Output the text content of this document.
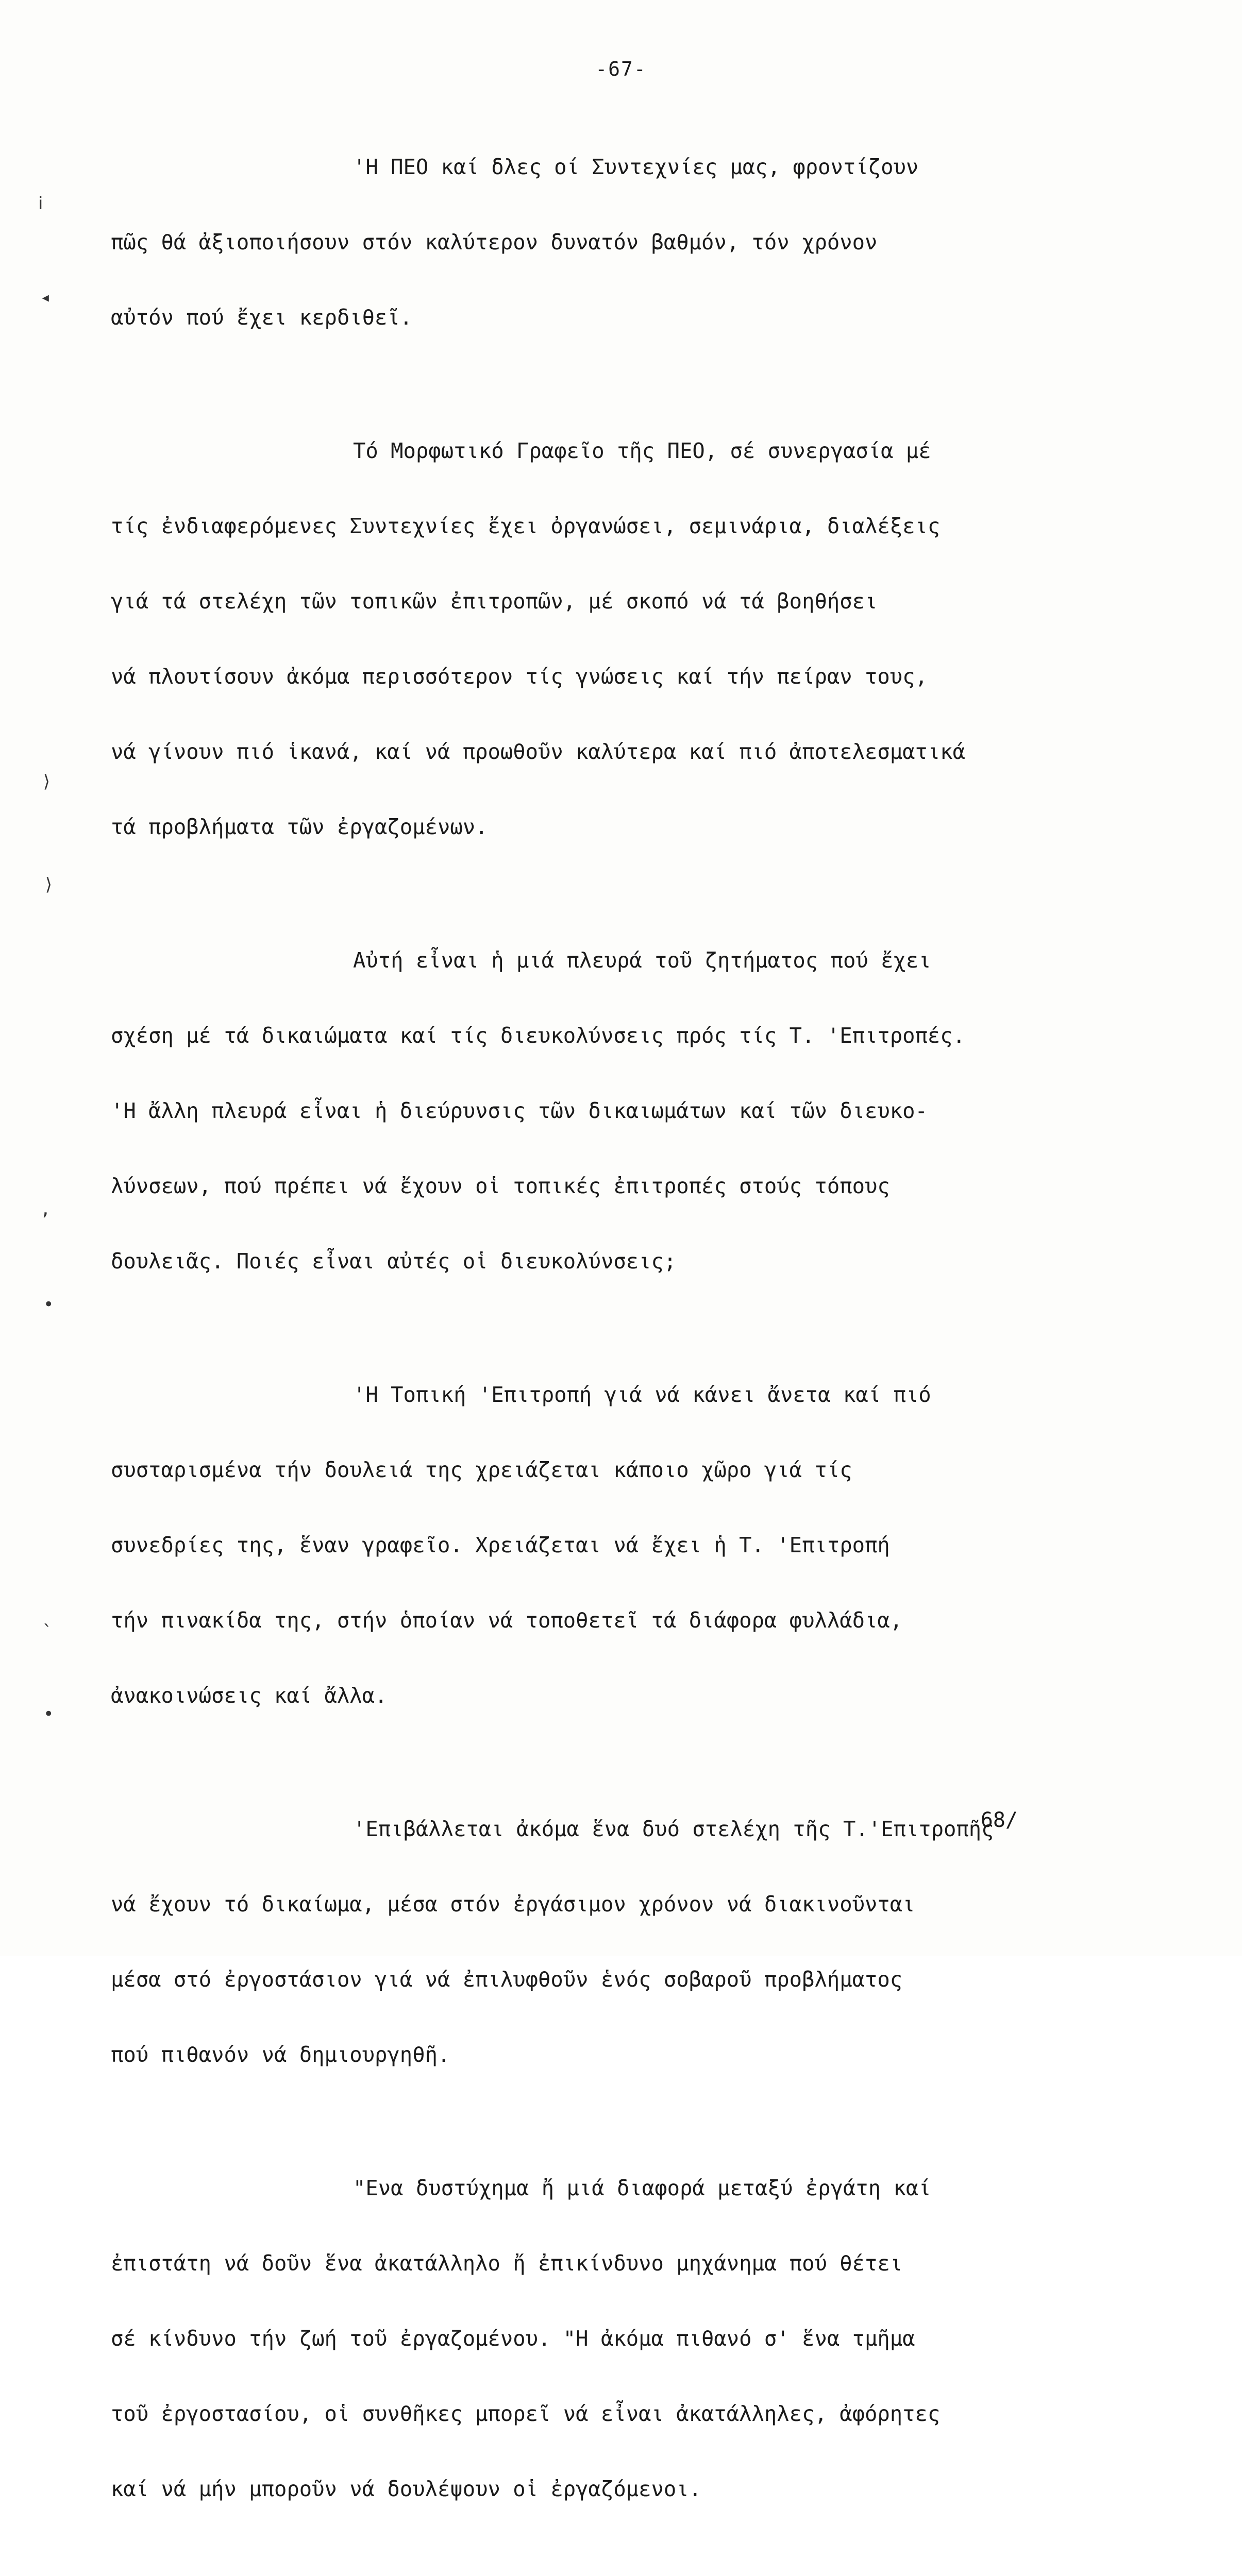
-67-
ⅰ
◂
⟩
⟩
,
•
ˎ
•

'Η ΠΕΟ καί δλες οί Συντεχνίες μας, φροντίζουν

πῶς θά ἀξιοποιήσουν στόν καλύτερον δυνατόν βαθμόν, τόν χρόνον

αὐτόν πού ἔχει κερδιθεῖ.

Τό Μορφωτικό Γραφεῖο τῆς ΠΕΟ, σέ συνεργασία μέ

τίς ἐνδιαφερόμενες Συντεχνίες ἔχει ὀργανώσει, σεμινάρια, διαλέξεις

γιά τά στελέχη τῶν τοπικῶν ἐπιτροπῶν, μέ σκοπό νά τά βοηθήσει

νά πλουτίσουν ἀκόμα περισσότερον τίς γνώσεις καί τήν πείραν τους,

νά γίνουν πιό ἱκανά, καί νά προωθοῦν καλύτερα καί πιό ἀποτελεσματικά

τά προβλήματα τῶν ἐργαζομένων.

Αὐτή εἶναι ἡ μιά πλευρά τοῦ ζητήματος πού ἔχει

σχέση μέ τά δικαιώματα καί τίς διευκολύνσεις πρός τίς Τ. 'Επιτροπές.

'Η ἄλλη πλευρά εἶναι ἡ διεύρυνσις τῶν δικαιωμάτων καί τῶν διευκο-

λύνσεων, πού πρέπει νά ἔχουν οἱ τοπικές ἐπιτροπές στούς τόπους

δουλειᾶς. Ποιές εἶναι αὐτές οἱ διευκολύνσεις;

'Η Τοπική 'Επιτροπή γιά νά κάνει ἄνετα καί πιό

συσταρισμένα τήν δουλειά της χρειάζεται κάποιο χῶρο γιά τίς

συνεδρίες της, ἕναν γραφεῖο. Χρειάζεται νά ἔχει ἡ Τ. 'Επιτροπή

τήν πινακίδα της, στήν ὁποίαν νά τοποθετεῖ τά διάφορα φυλλάδια,

ἀνακοινώσεις καί ἄλλα.

'Επιβάλλεται ἀκόμα ἕνα δυό στελέχη τῆς Τ.'Επιτροπῆς

νά ἔχουν τό δικαίωμα, μέσα στόν ἐργάσιμον χρόνον νά διακινοῦνται

μέσα στό ἐργοστάσιον γιά νά ἐπιλυφθοῦν ἑνός σοβαροῦ προβλήματος

πού πιθανόν νά δημιουργηθῆ.

"Ενα δυστύχημα ἤ μιά διαφορά μεταξύ ἐργάτη καί

ἐπιστάτη νά δοῦν ἕνα ἀκατάλληλο ἤ ἐπικίνδυνο μηχάνημα πού θέτει

σέ κίνδυνο τήν ζωή τοῦ ἐργαζομένου. "Η ἀκόμα πιθανό σ' ἕνα τμῆμα

τοῦ ἐργοστασίου, οἱ συνθῆκες μπορεῖ νά εἶναι ἀκατάλληλες, ἀφόρητες

καί νά μήν μποροῦν νά δουλέψουν οἱ ἐργαζόμενοι.

68/
